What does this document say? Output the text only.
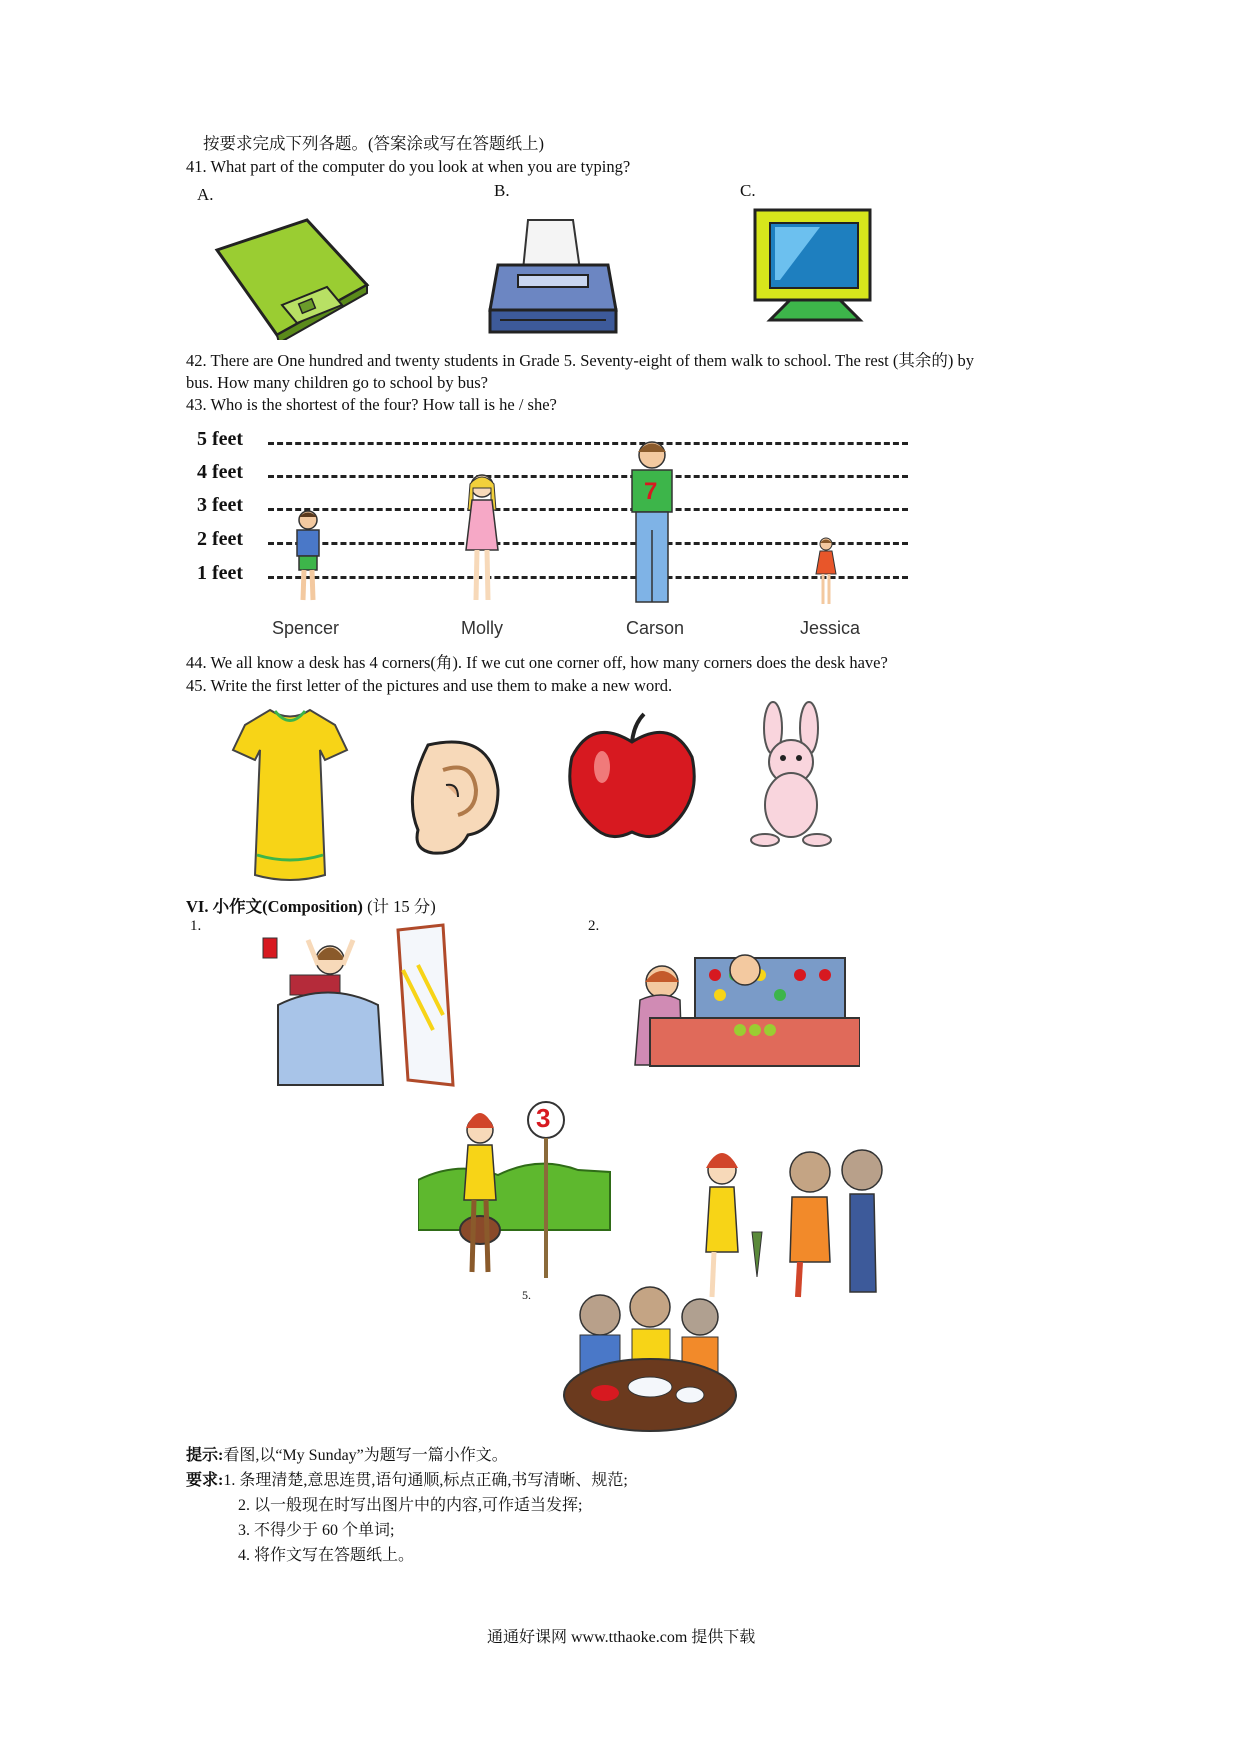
按要求完成下列各题。(答案涂或写在答题纸上)
41. What part of the computer do you look at when you are typing?
A.	B.	C.
42. There are One hundred and twenty students in Grade 5. Seventy-eight of them walk to school. The rest (其余的) by
bus. How many children go to school by bus?
43. Who is the shortest of the four? How tall is he / she?
5 feet
4 feet
3 feet
2 feet
1 feet
7
Spencer	Molly	Carson	Jessica
44. We all know a desk has 4 corners(角). If we cut one corner off, how many corners does the desk have?
45. Write the first letter of the pictures and use them to make a new word.
VI. 小作文(Composition) (计 15 分)
1.	2.
5.
3
提示:看图,以“My Sunday”为题写一篇小作文。
要求:1. 条理清楚,意思连贯,语句通顺,标点正确,书写清晰、规范;
2. 以一般现在时写出图片中的内容,可作适当发挥;
3. 不得少于 60 个单词;
4. 将作文写在答题纸上。
通通好课网 www.tthaoke.com 提供下载
